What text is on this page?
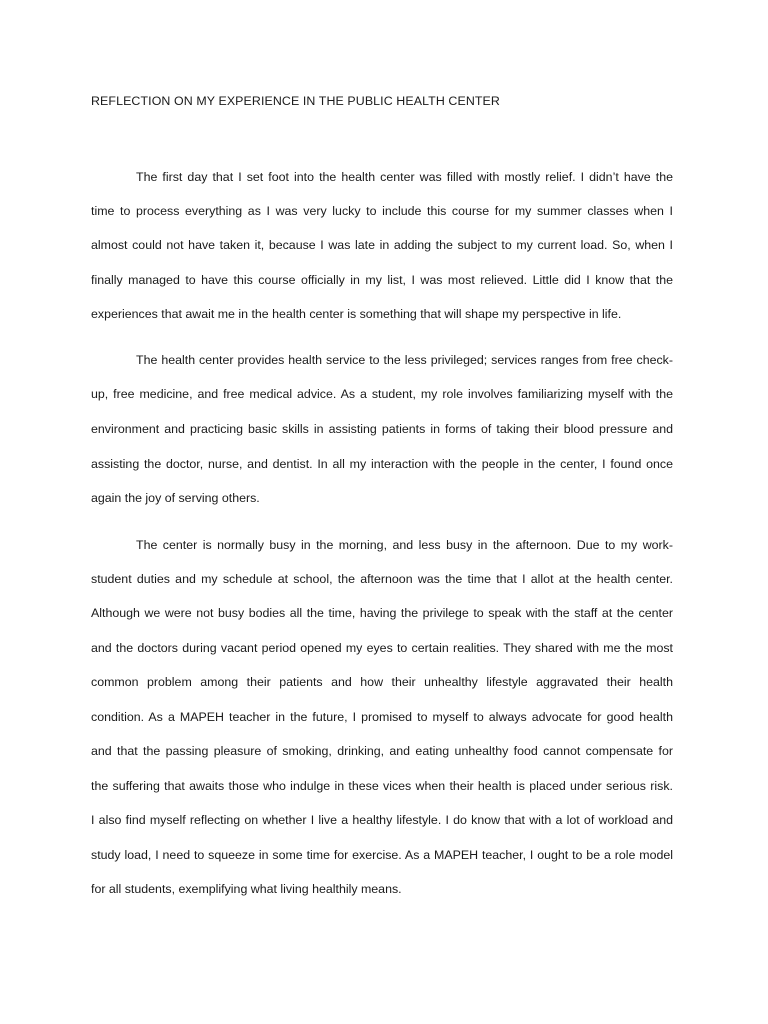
REFLECTION ON MY EXPERIENCE IN THE PUBLIC HEALTH CENTER
The first day that I set foot into the health center was filled with mostly relief. I didn’t have the
time to process everything as I was very lucky to include this course for my summer classes when I
almost could not have taken it, because I was late in adding the subject to my current load. So, when I
finally managed to have this course officially in my list, I was most relieved. Little did I know that the
experiences that await me in the health center is something that will shape my perspective in life.
The health center provides health service to the less privileged; services ranges from free check-
up, free medicine, and free medical advice. As a student, my role involves familiarizing myself with the
environment and practicing basic skills in assisting patients in forms of taking their blood pressure and
assisting the doctor, nurse, and dentist. In all my interaction with the people in the center, I found once
again the joy of serving others.
The center is normally busy in the morning, and less busy in the afternoon. Due to my work-
student duties and my schedule at school, the afternoon was the time that I allot at the health center.
Although we were not busy bodies all the time, having the privilege to speak with the staff at the center
and the doctors during vacant period opened my eyes to certain realities. They shared with me the most
common problem among their patients and how their unhealthy lifestyle aggravated their health
condition. As a MAPEH teacher in the future, I promised to myself to always advocate for good health
and that the passing pleasure of smoking, drinking, and eating unhealthy food cannot compensate for
the suffering that awaits those who indulge in these vices when their health is placed under serious risk.
I also find myself reflecting on whether I live a healthy lifestyle. I do know that with a lot of workload and
study load, I need to squeeze in some time for exercise. As a MAPEH teacher, I ought to be a role model
for all students, exemplifying what living healthily means.
